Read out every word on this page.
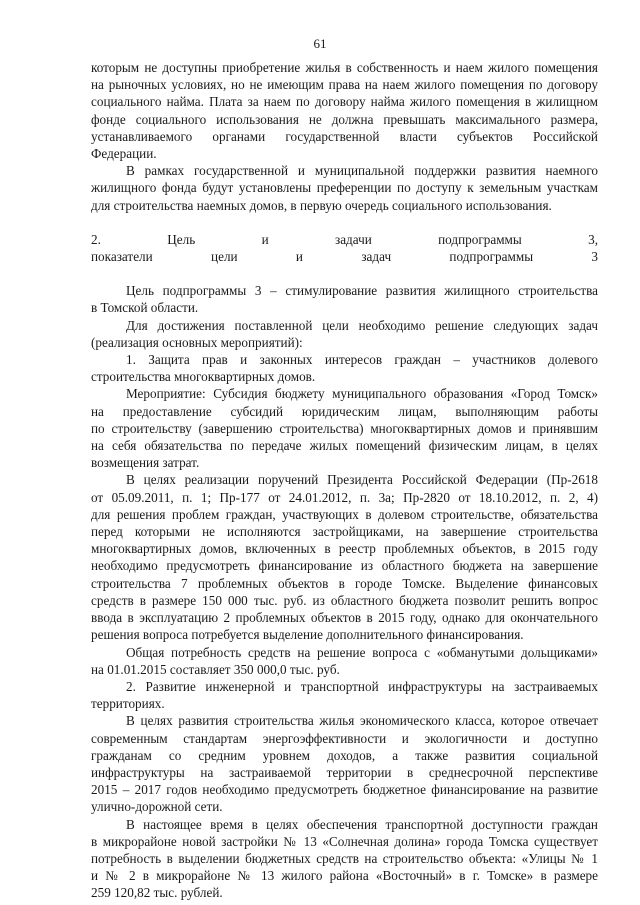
61

которым не доступны приобретение жилья в собственность и наем жилого помещения

на рыночных условиях, но не имеющим права на наем жилого помещения по договору

социального найма. Плата за наем по договору найма жилого помещения в жилищном

фонде социального использования не должна превышать максимального размера,

устанавливаемого органами государственной власти субъектов Российской

Федерации.

В рамках государственной и муниципальной поддержки развития наемного

жилищного фонда будут установлены преференции по доступу к земельным участкам

для строительства наемных домов, в первую очередь социального использования.

2. Цель и задачи подпрограммы 3,

показатели цели и задач подпрограммы 3

Цель подпрограммы 3 – стимулирование развития жилищного строительства

в Томской области.

Для достижения поставленной цели необходимо решение следующих задач

(реализация основных мероприятий):

1. Защита прав и законных интересов граждан – участников долевого

строительства многоквартирных домов.

Мероприятие: Субсидия бюджету муниципального образования «Город Томск»

на предоставление субсидий юридическим лицам, выполняющим работы

по строительству (завершению строительства) многоквартирных домов и принявшим

на себя обязательства по передаче жилых помещений физическим лицам, в целях

возмещения затрат.

В целях реализации поручений Президента Российской Федерации (Пр-2618

от 05.09.2011, п. 1; Пр-177 от 24.01.2012, п. 3а; Пр-2820 от 18.10.2012, п. 2, 4)

для решения проблем граждан, участвующих в долевом строительстве, обязательства

перед которыми не исполняются застройщиками, на завершение строительства

многоквартирных домов, включенных в реестр проблемных объектов, в 2015 году

необходимо предусмотреть финансирование из областного бюджета на завершение

строительства 7 проблемных объектов в городе Томске. Выделение финансовых

средств в размере 150 000 тыс. руб. из областного бюджета позволит решить вопрос

ввода в эксплуатацию 2 проблемных объектов в 2015 году, однако для окончательного

решения вопроса потребуется выделение дополнительного финансирования.

Общая потребность средств на решение вопроса с «обманутыми дольщиками»

на 01.01.2015 составляет 350 000,0 тыс. руб.

2. Развитие инженерной и транспортной инфраструктуры на застраиваемых

территориях.

В целях развития строительства жилья экономического класса, которое отвечает

современным стандартам энергоэффективности и экологичности и доступно

гражданам со средним уровнем доходов, а также развития социальной

инфраструктуры на застраиваемой территории в среднесрочной перспективе

2015 – 2017 годов необходимо предусмотреть бюджетное финансирование на развитие

улично-дорожной сети.

В настоящее время в целях обеспечения транспортной доступности граждан

в микрорайоне новой застройки № 13 «Солнечная долина» города Томска существует

потребность в выделении бюджетных средств на строительство объекта: «Улицы № 1

и № 2 в микрорайоне № 13 жилого района «Восточный» в г. Томске» в размере

259 120,82 тыс. рублей.
